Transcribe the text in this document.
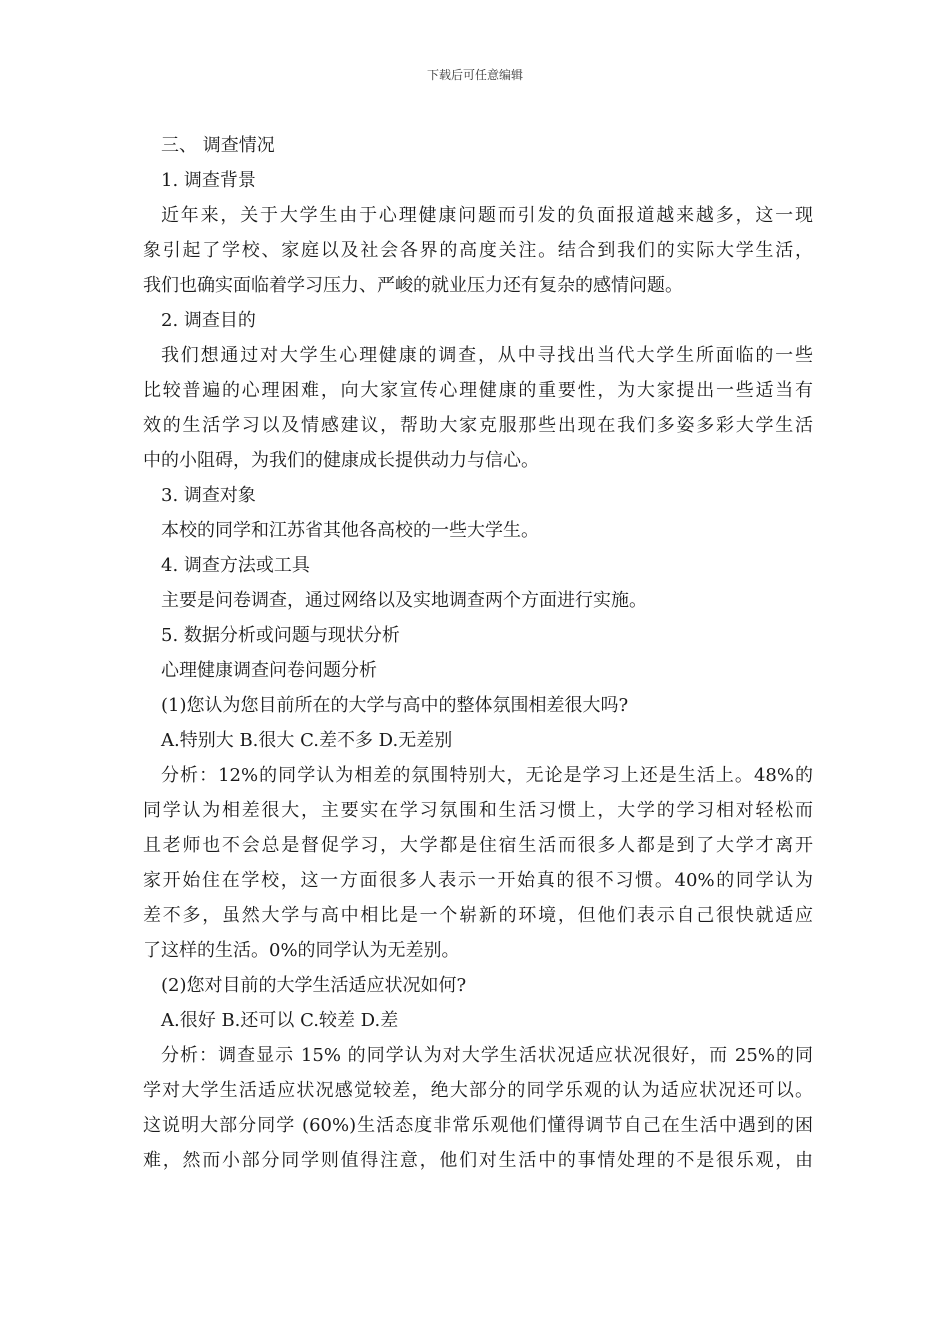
下载后可任意编辑
三、 调查情况
1. 调查背景
近年来，关于大学生由于心理健康问题而引发的负面报道越来越多，这一现
象引起了学校、家庭以及社会各界的高度关注。结合到我们的实际大学生活，
我们也确实面临着学习压力、严峻的就业压力还有复杂的感情问题。
2. 调查目的
我们想通过对大学生心理健康的调查，从中寻找出当代大学生所面临的一些
比较普遍的心理困难，向大家宣传心理健康的重要性，为大家提出一些适当有
效的生活学习以及情感建议，帮助大家克服那些出现在我们多姿多彩大学生活
中的小阻碍，为我们的健康成长提供动力与信心。
3. 调查对象
本校的同学和江苏省其他各高校的一些大学生。
4. 调查方法或工具
主要是问卷调查，通过网络以及实地调查两个方面进行实施。
5. 数据分析或问题与现状分析
心理健康调查问卷问题分析
(1)您认为您目前所在的大学与高中的整体氛围相差很大吗?
A.特别大 B.很大 C.差不多 D.无差别
分析：12%的同学认为相差的氛围特别大，无论是学习上还是生活上。48%的
同学认为相差很大，主要实在学习氛围和生活习惯上，大学的学习相对轻松而
且老师也不会总是督促学习，大学都是住宿生活而很多人都是到了大学才离开
家开始住在学校，这一方面很多人表示一开始真的很不习惯。40%的同学认为
差不多，虽然大学与高中相比是一个崭新的环境，但他们表示自己很快就适应
了这样的生活。0%的同学认为无差别。
(2)您对目前的大学生活适应状况如何?
A.很好 B.还可以 C.较差 D.差
分析：调查显示 15% 的同学认为对大学生活状况适应状况很好，而 25%的同
学对大学生活适应状况感觉较差，绝大部分的同学乐观的认为适应状况还可以。
这说明大部分同学 (60%)生活态度非常乐观他们懂得调节自己在生活中遇到的困
难，然而小部分同学则值得注意，他们对生活中的事情处理的不是很乐观，由
